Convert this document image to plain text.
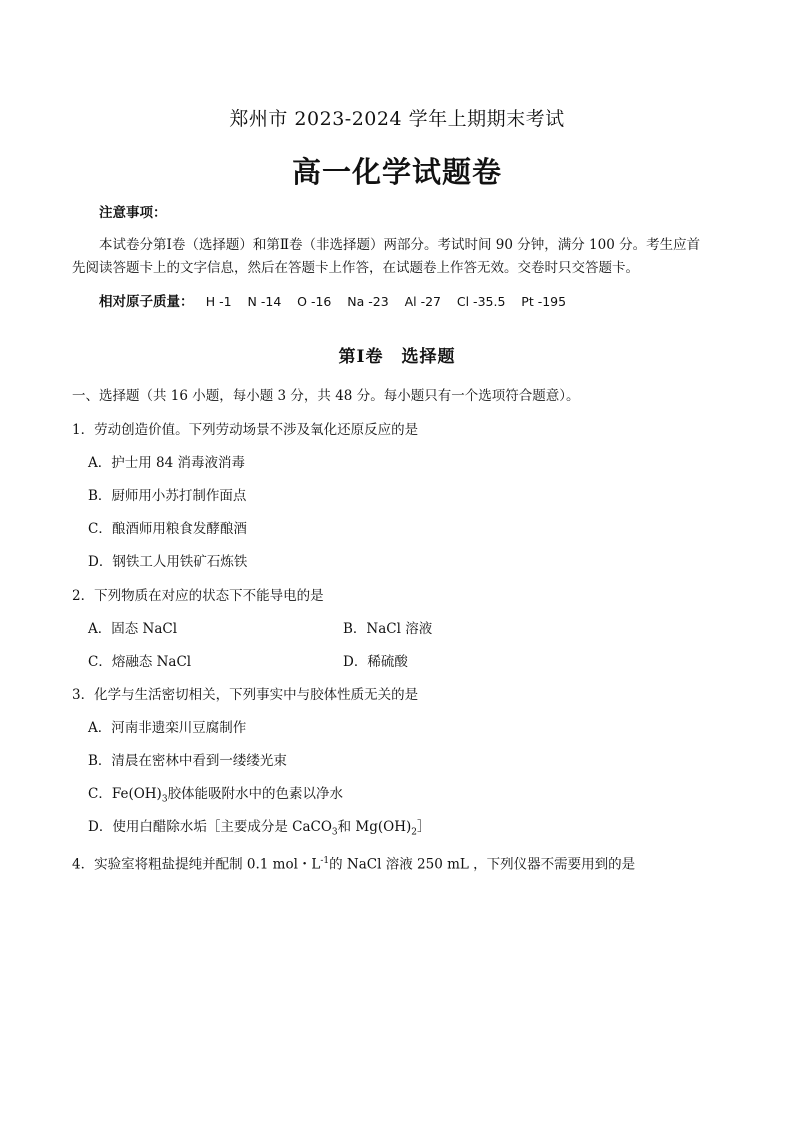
郑州市 2023-2024 学年上期期末考试
高一化学试题卷
注意事项：
本试卷分第Ⅰ卷（选择题）和第Ⅱ卷（非选择题）两部分。考试时间 90 分钟，满分 100 分。考生应首
先阅读答题卡上的文字信息，然后在答题卡上作答，在试题卷上作答无效。交卷时只交答题卡。
相对原子质量： H -1    N -14    O -16    Na -23    Al -27    Cl -35.5    Pt -195
第Ⅰ卷　选择题
一、选择题（共 16 小题，每小题 3 分，共 48 分。每小题只有一个选项符合题意）。
1．劳动创造价值。下列劳动场景不涉及氧化还原反应的是
A．护士用 84 消毒液消毒
B．厨师用小苏打制作面点
C．酿酒师用粮食发酵酿酒
D．钢铁工人用铁矿石炼铁
2．下列物质在对应的状态下不能导电的是
A．固态 NaCl	B．NaCl 溶液
C．熔融态 NaCl	D．稀硫酸
3．化学与生活密切相关，下列事实中与胶体性质无关的是
A．河南非遗栾川豆腐制作
B．清晨在密林中看到一缕缕光束
C．$Fe(OH)_3$胶体能吸附水中的色素以净水
D．使用白醋除水垢［主要成分是 CaCO$_3$和 $Mg(OH)_2]$
4．实验室将粗盐提纯并配制 0.1 mol・$L^{-1}$的 NaCl 溶液 250 mL ，下列仪器不需要用到的是
